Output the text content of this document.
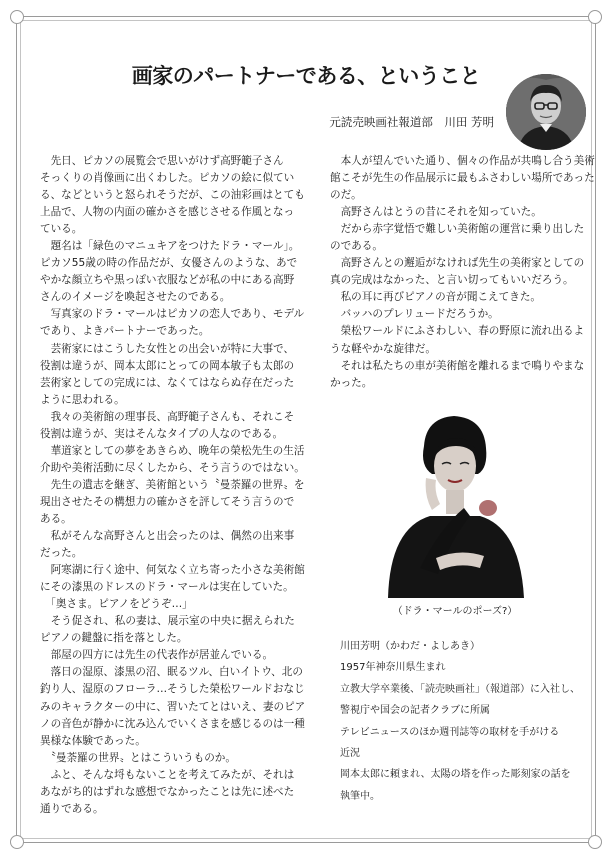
画家のパートナーである、ということ

元読売映画社報道部　川田 芳明

　先日、ピカソの展覧会で思いがけず高野範子さん

そっくりの肖像画に出くわした。ピカソの絵に似てい

る、などというと怒られそうだが、この油彩画はとても

上品で、人物の内面の確かさを感じさせる作風となっ

ている。

　題名は「緑色のマニュキアをつけたドラ・マール」。

ピカソ55歳の時の作品だが、女優さんのような、あで

やかな顔立ちや黒っぽい衣服などが私の中にある高野

さんのイメージを喚起させたのである。

　写真家のドラ・マールはピカソの恋人であり、モデル

であり、よきパートナーであった。

　芸術家にはこうした女性との出会いが特に大事で、

役割は違うが、岡本太郎にとっての岡本敏子も太郎の

芸術家としての完成には、なくてはならぬ存在だった

ように思われる。

　我々の美術館の理事長、高野範子さんも、それこそ

役割は違うが、実はそんなタイプの人なのである。

　華道家としての夢をあきらめ、晩年の榮松先生の生活

介助や美術活動に尽くしたから、そう言うのではない。

　先生の遺志を継ぎ、美術館という〝曼荼羅の世界〟を

現出させたその構想力の確かさを評してそう言うので

ある。

　私がそんな高野さんと出会ったのは、偶然の出来事

だった。

　阿寒湖に行く途中、何気なく立ち寄った小さな美術館

にその漆黒のドレスのドラ・マールは実在していた。

　「奥さま。ピアノをどうぞ…」

　そう促され、私の妻は、展示室の中央に据えられた

ピアノの鍵盤に指を落とした。

　部屋の四方には先生の代表作が居並んでいる。

　落日の湿原、漆黒の沼、眠るツル、白いイトウ、北の

釣り人、湿原のフローラ…そうした榮松ワールドおなじ

みのキャラクターの中に、習いたてとはいえ、妻のピア

ノの音色が静かに沈み込んでいくさまを感じるのは一種

異様な体験であった。

　〝曼荼羅の世界〟とはこういうものか。

　ふと、そんな埒もないことを考えてみたが、それは

あながち的はずれな感想でなかったことは先に述べた

通りである。

　本人が望んでいた通り、個々の作品が共鳴し合う美術

館こそが先生の作品展示に最もふさわしい場所であった

のだ。

　高野さんはとうの昔にそれを知っていた。

　だから赤字覚悟で難しい美術館の運営に乗り出した

のである。

　高野さんとの邂逅がなければ先生の美術家としての

真の完成はなかった、と言い切ってもいいだろう。

　私の耳に再びピアノの音が聞こえてきた。

　バッハのプレリュードだろうか。

　榮松ワールドにふさわしい、春の野原に流れ出るよ

うな軽やかな旋律だ。

　それは私たちの車が美術館を離れるまで鳴りやまな

かった。

（ドラ・マールのポーズ?）

川田芳明（かわだ・よしあき）

1957年神奈川県生まれ

立教大学卒業後、「読売映画社」（報道部）に入社し、

警視庁や国会の記者クラブに所属

テレビニュースのほか週刊誌等の取材を手がける

近況

岡本太郎に頼まれ、太陽の塔を作った彫刻家の話を

執筆中。
